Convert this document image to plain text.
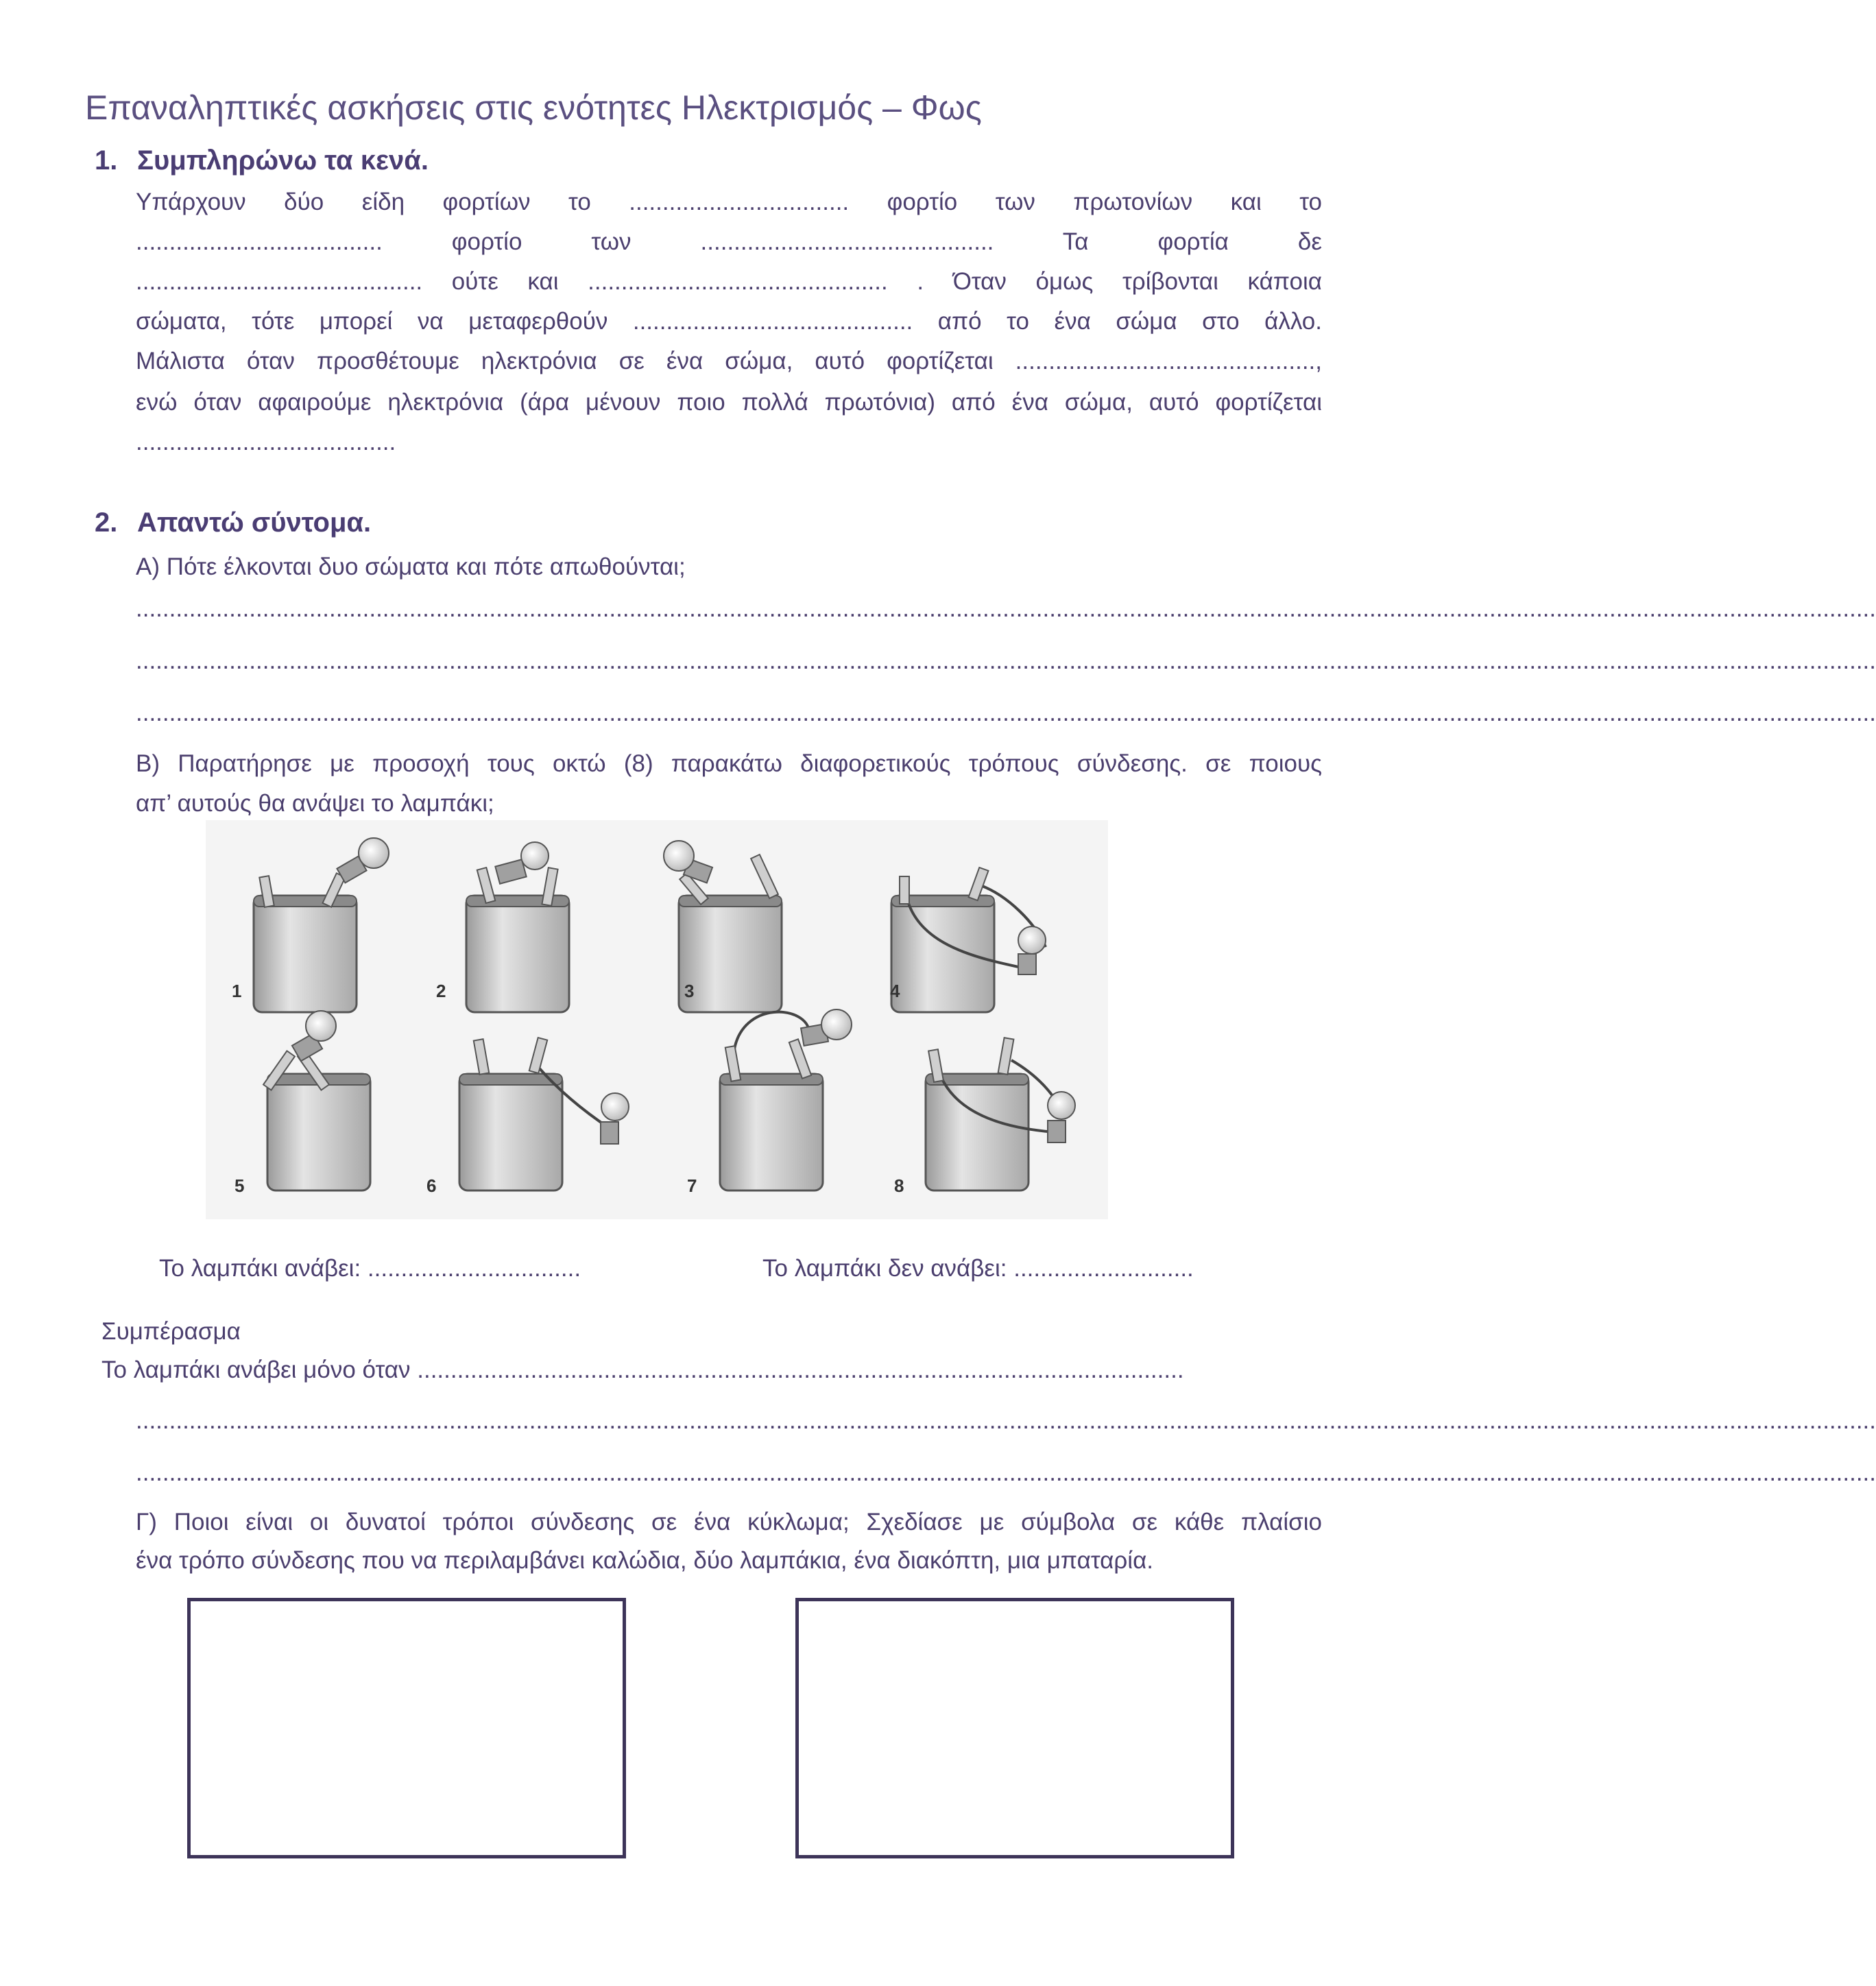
Επαναληπτικές ασκήσεις στις ενότητες Ηλεκτρισμός – Φως
1. Συμπληρώνω τα κενά.
Υπάρχουν δύο είδη φορτίων το ................................. φορτίο των πρωτονίων και το
..................................... φορτίο των ............................................ Τα φορτία δε
........................................... ούτε και ............................................. . Όταν όμως τρίβονται κάποια
σώματα, τότε μπορεί να μεταφερθούν .......................................... από το ένα σώμα στο άλλο.
Μάλιστα όταν προσθέτουμε ηλεκτρόνια σε ένα σώμα, αυτό φορτίζεται .............................................,
ενώ όταν αφαιρούμε ηλεκτρόνια (άρα μένουν ποιο πολλά πρωτόνια) από ένα σώμα, αυτό φορτίζεται
.......................................
2. Απαντώ σύντομα.
Α) Πότε έλκονται δυο σώματα και πότε απωθούνται;
.....................................................................................................................................................................................................................................................................
.....................................................................................................................................................................................................................................................................
.....................................................................................................................................................................................................................................................................
Β) Παρατήρησε με προσοχή τους οκτώ (8) παρακάτω διαφορετικούς τρόπους σύνδεσης. σε ποιους
απ’ αυτούς θα ανάψει το λαμπάκι;
1	2	3	4
5	6	7	8
Το λαμπάκι ανάβει: ................................	Το λαμπάκι δεν ανάβει: ...........................
Συμπέρασμα
Το λαμπάκι ανάβει μόνο όταν ...................................................................................................................
.....................................................................................................................................................................................................................................................................
.....................................................................................................................................................................................................................................................................
Γ) Ποιοι είναι οι δυνατοί τρόποι σύνδεσης σε ένα κύκλωμα; Σχεδίασε με σύμβολα σε κάθε πλαίσιο
ένα τρόπο σύνδεσης που να περιλαμβάνει καλώδια, δύο λαμπάκια, ένα διακόπτη, μια μπαταρία.
